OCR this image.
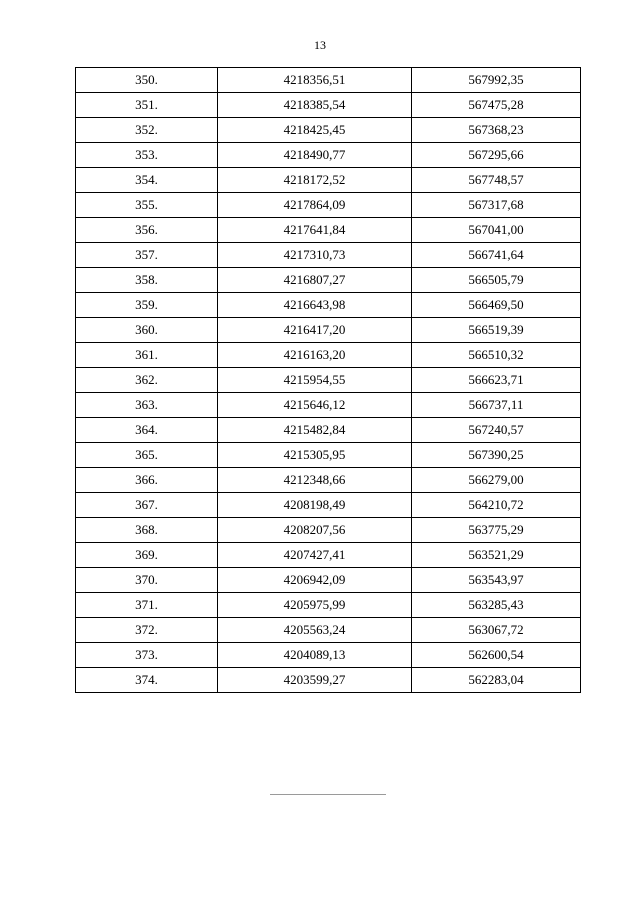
13
350.	4218356,51	567992,35
351.	4218385,54	567475,28
352.	4218425,45	567368,23
353.	4218490,77	567295,66
354.	4218172,52	567748,57
355.	4217864,09	567317,68
356.	4217641,84	567041,00
357.	4217310,73	566741,64
358.	4216807,27	566505,79
359.	4216643,98	566469,50
360.	4216417,20	566519,39
361.	4216163,20	566510,32
362.	4215954,55	566623,71
363.	4215646,12	566737,11
364.	4215482,84	567240,57
365.	4215305,95	567390,25
366.	4212348,66	566279,00
367.	4208198,49	564210,72
368.	4208207,56	563775,29
369.	4207427,41	563521,29
370.	4206942,09	563543,97
371.	4205975,99	563285,43
372.	4205563,24	563067,72
373.	4204089,13	562600,54
374.	4203599,27	562283,04
